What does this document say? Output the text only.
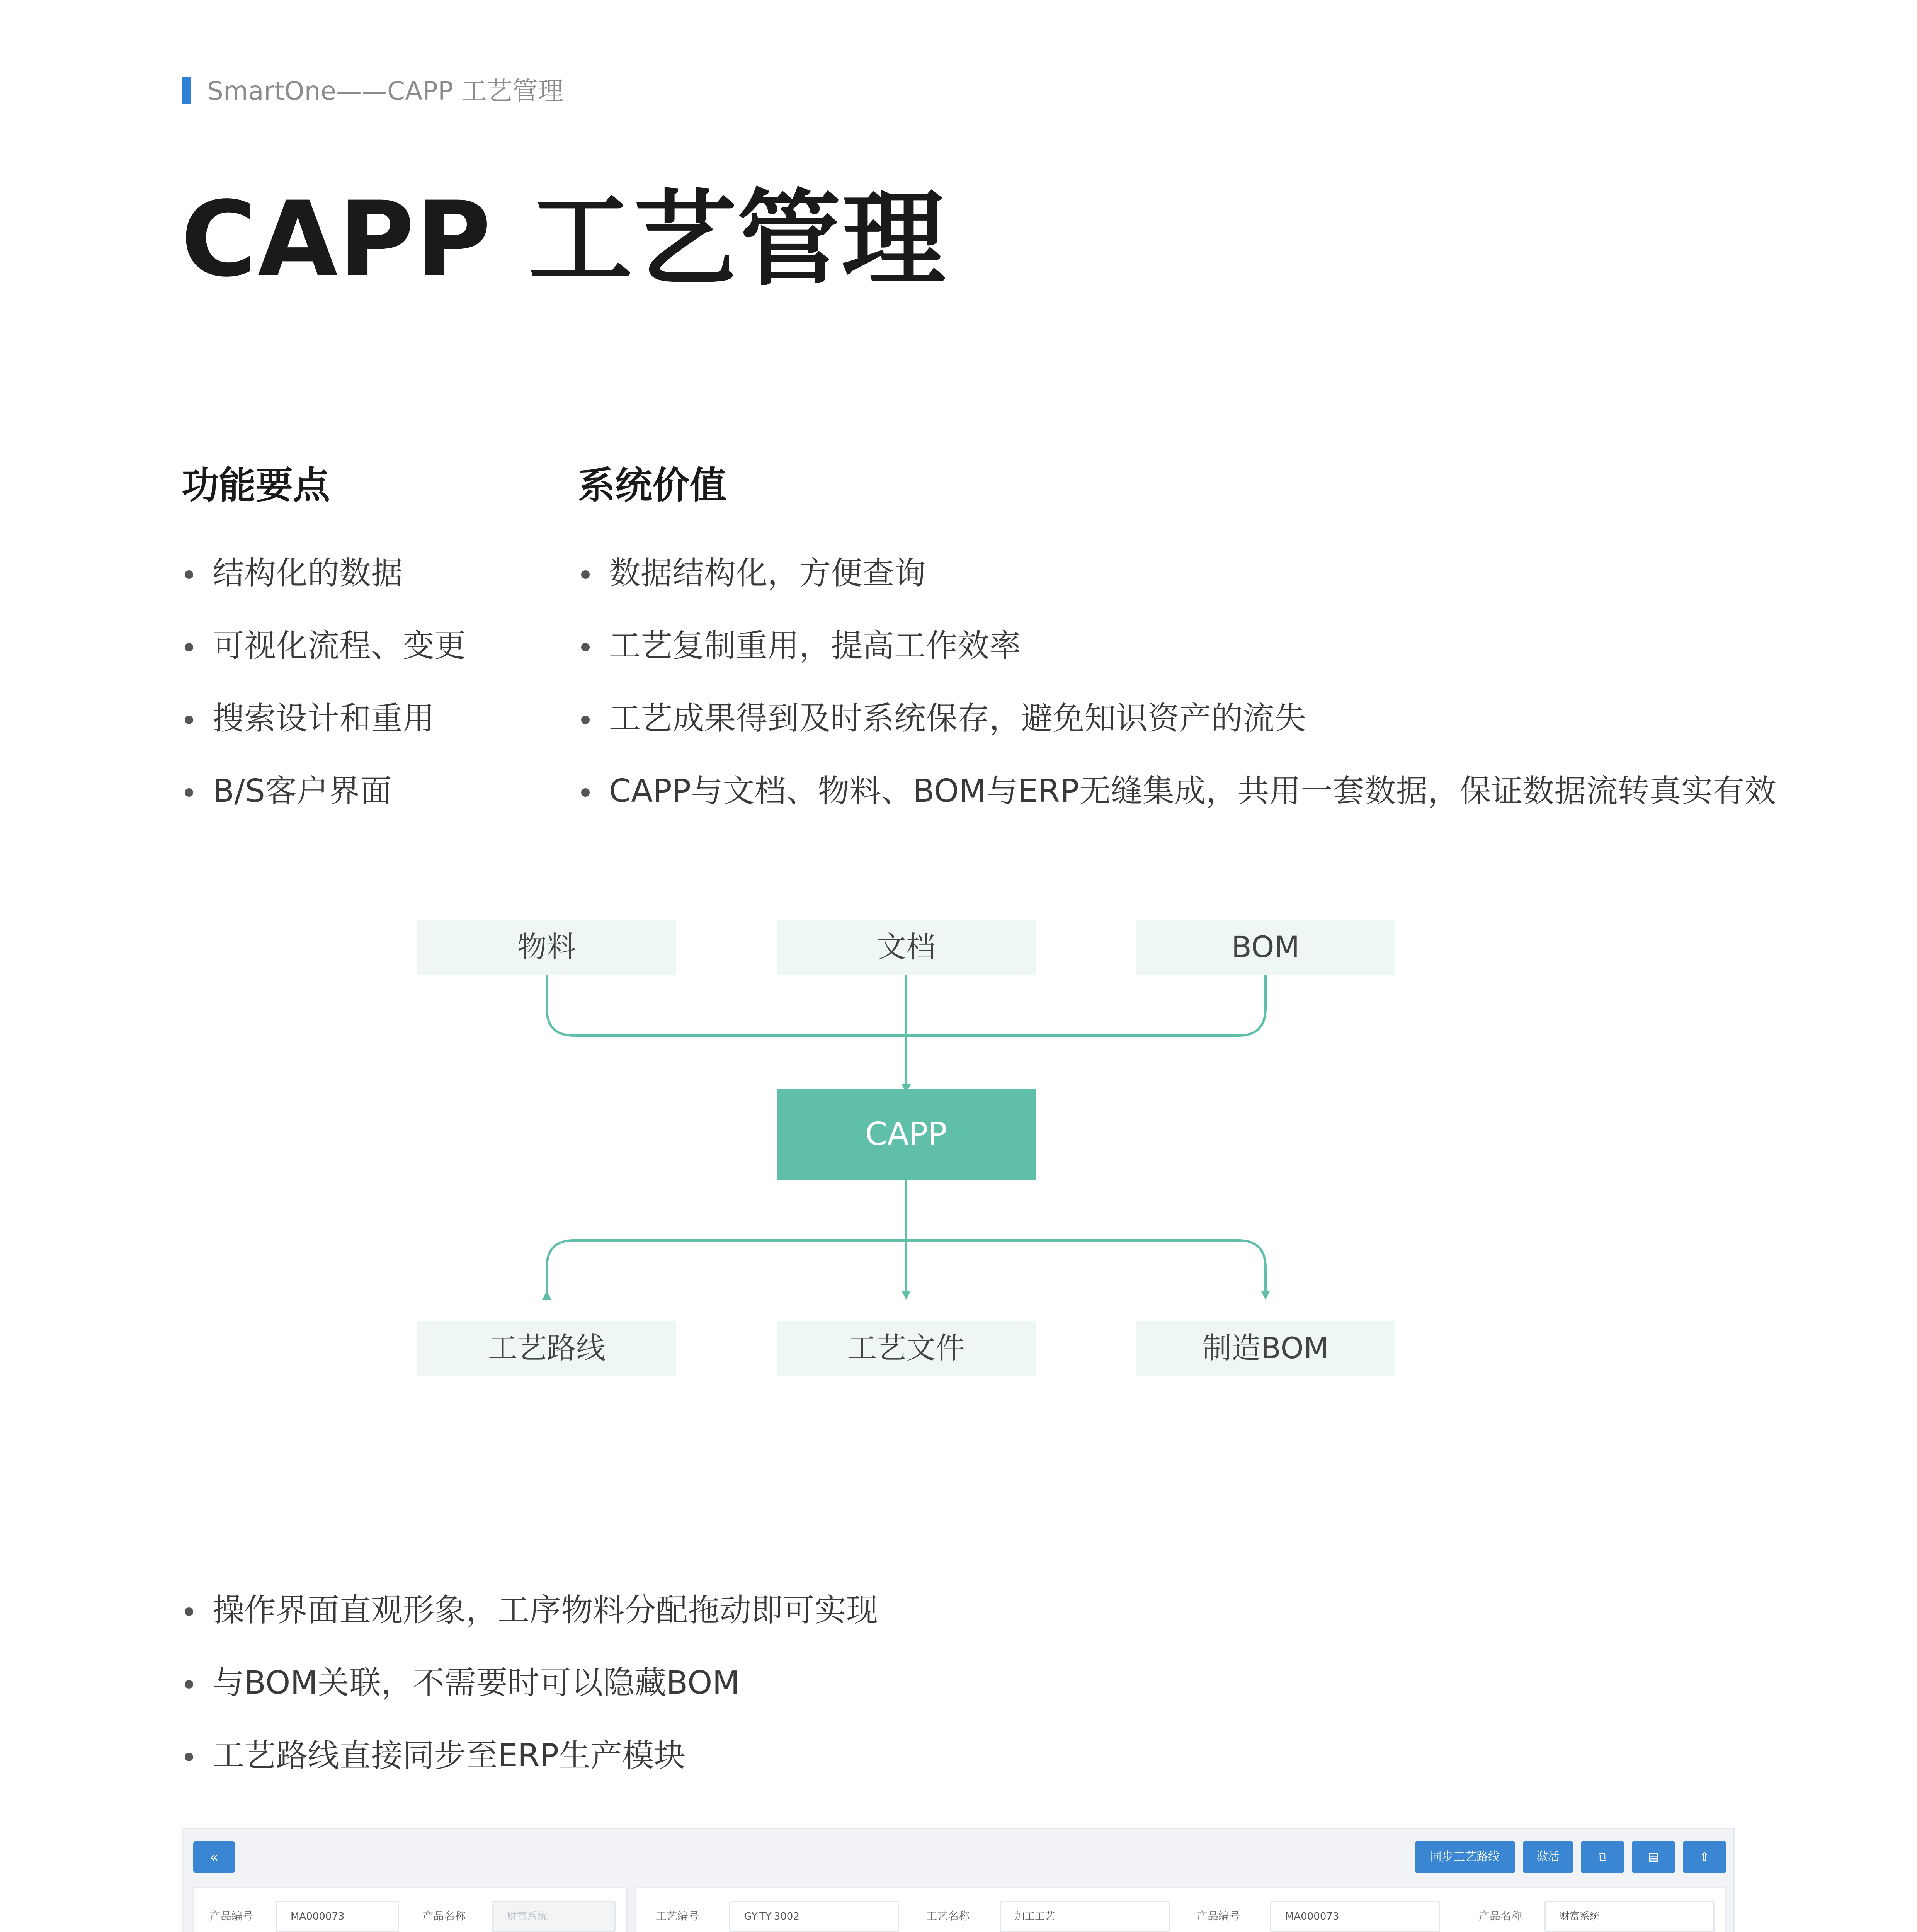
SmartOne——CAPP 工艺管理
CAPP 工艺管理
功能要点
结构化的数据
可视化流程、变更
搜索设计和重用
B/S客户界面
系统价值
数据结构化，方便查询
工艺复制重用，提高工作效率
工艺成果得到及时系统保存，避免知识资产的流失
CAPP与文档、物料、BOM与ERP无缝集成，共用一套数据，保证数据流转真实有效
物料	文档	BOM
CAPP
工艺路线	工艺文件	制造BOM
操作界面直观形象，工序物料分配拖动即可实现
与BOM关联，不需要时可以隐藏BOM
工艺路线直接同步至ERP生产模块
«	同步工艺路线	激活	⧉	▤	⇧
产品编号	MA000073	产品名称	财富系统	工艺编号	GY-TY-3002	工艺名称	加工工艺	产品编号	MA000073	产品名称	财富系统
